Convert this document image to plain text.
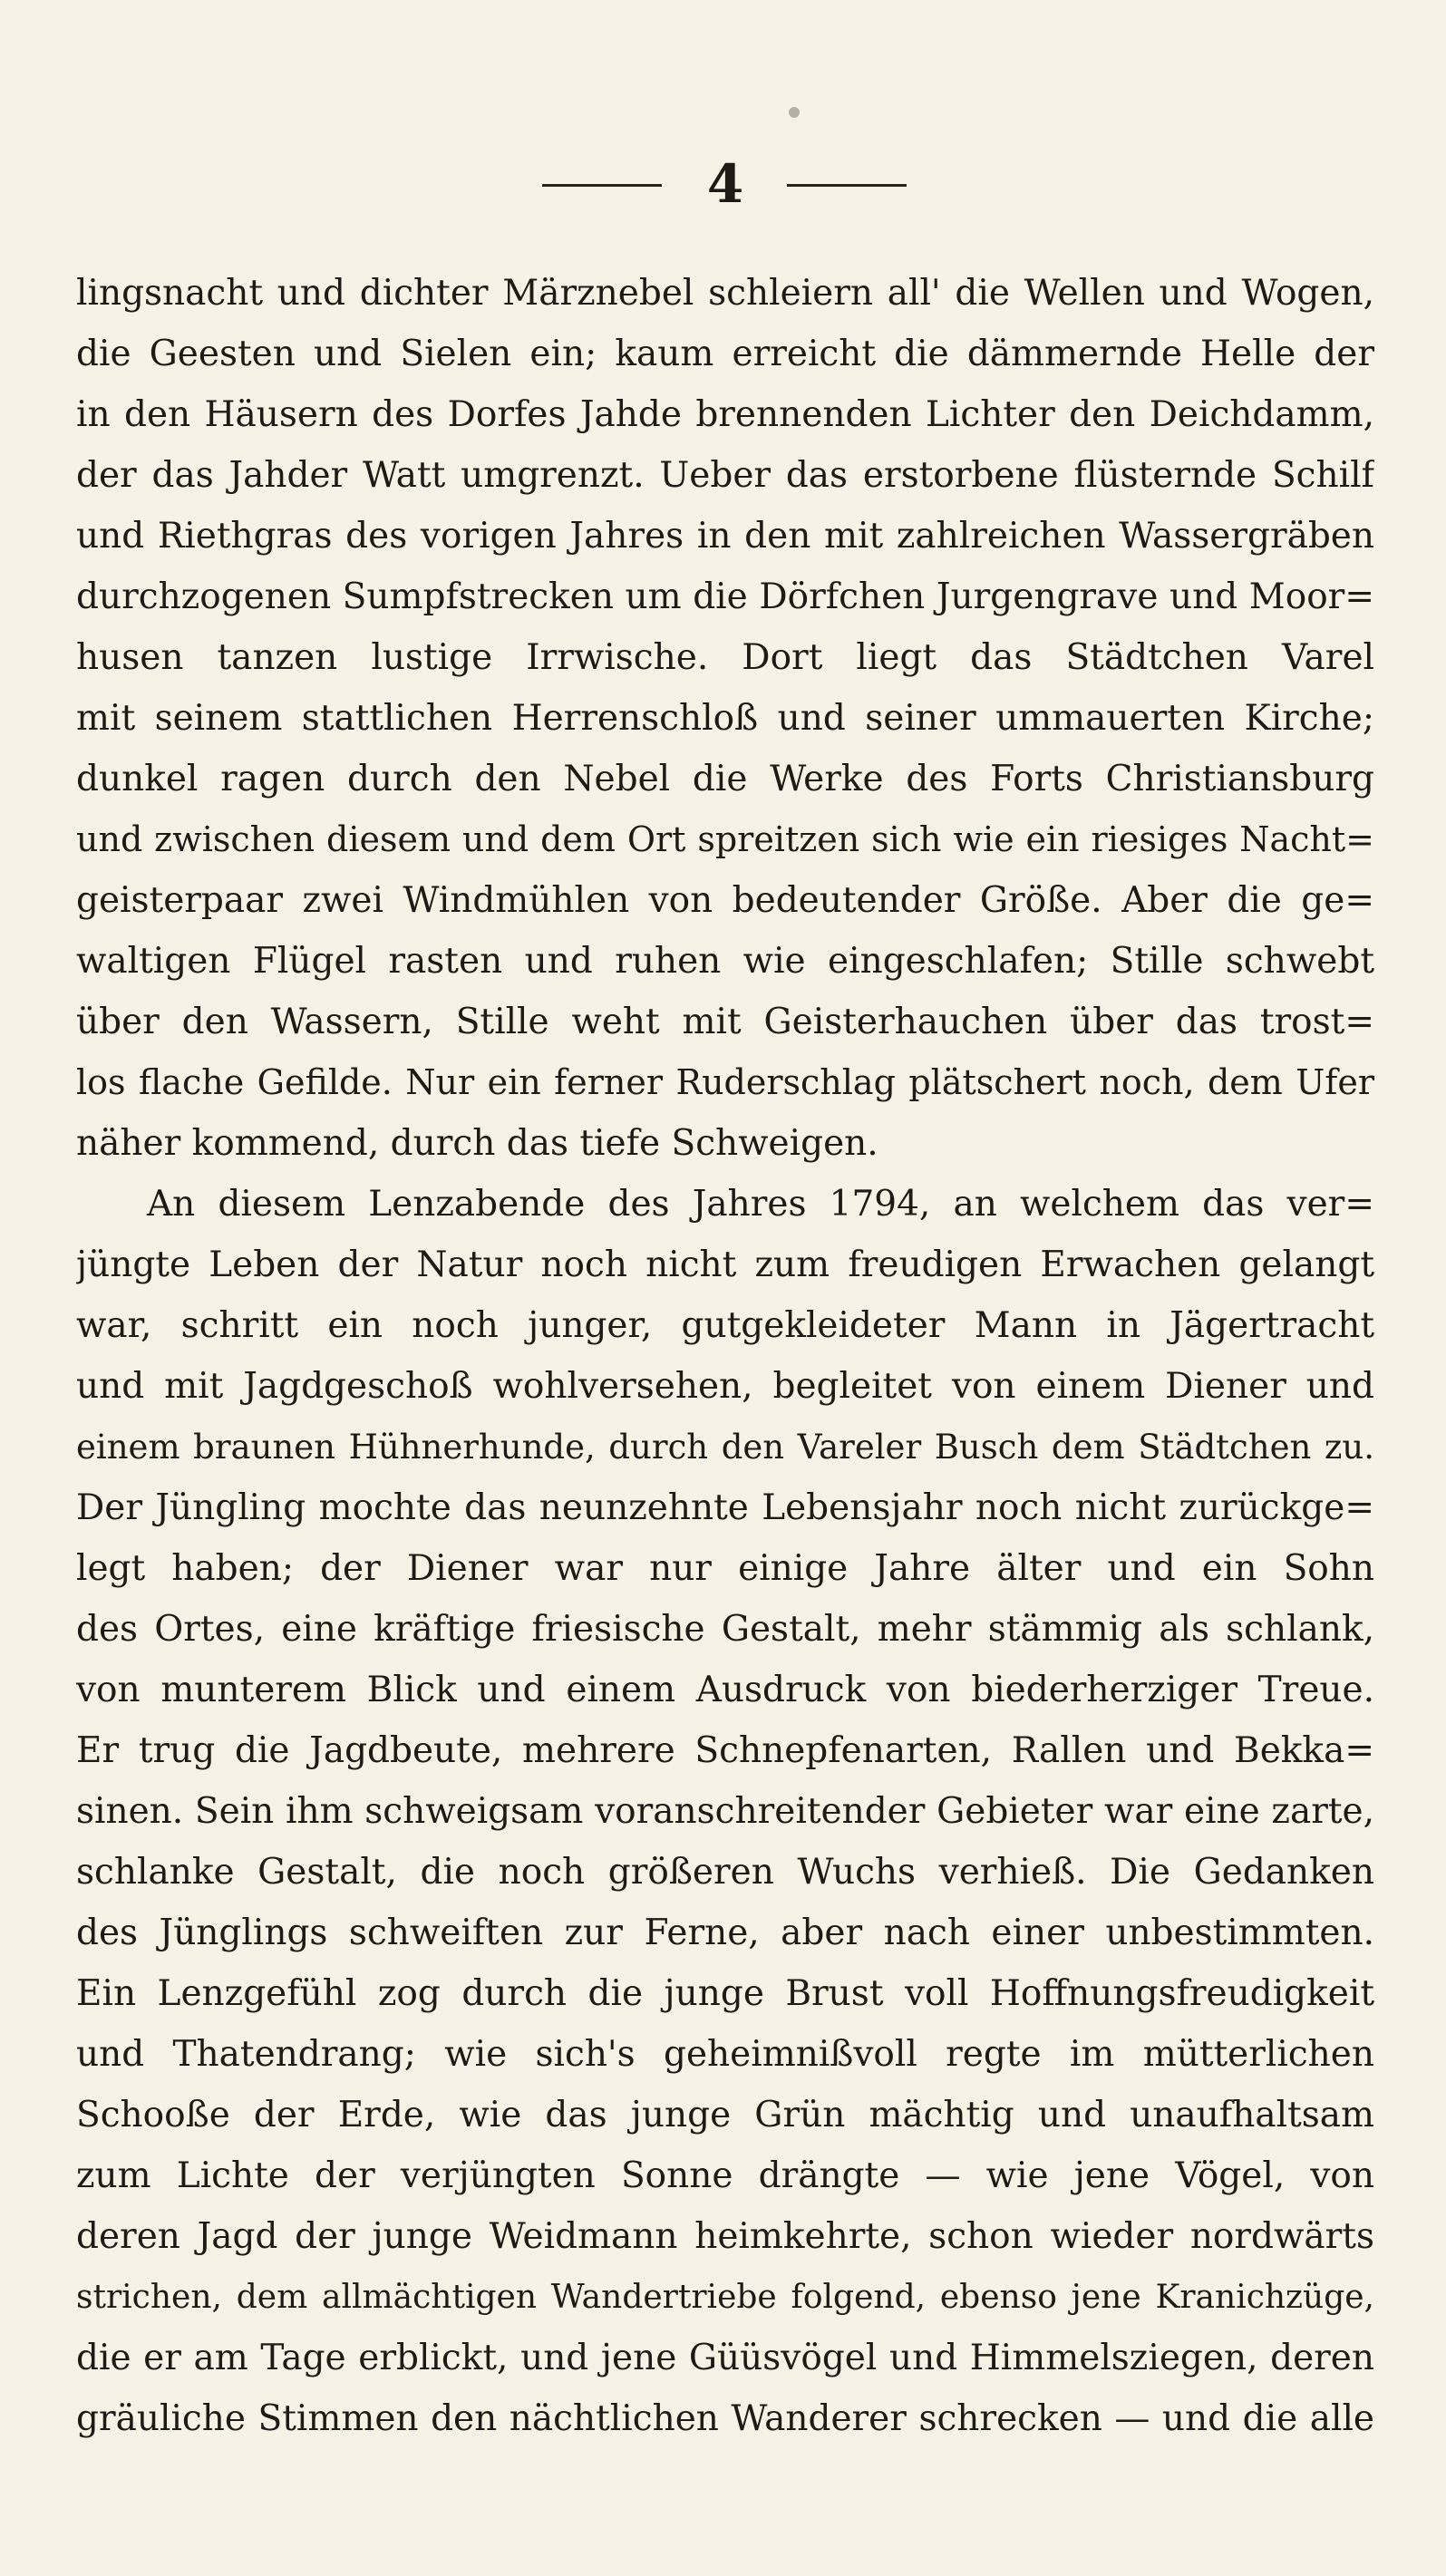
4
lingsnacht und dichter Märznebel schleiern all' die Wellen und Wogen,
die Geesten und Sielen ein; kaum erreicht die dämmernde Helle der
in den Häusern des Dorfes Jahde brennenden Lichter den Deichdamm,
der das Jahder Watt umgrenzt. Ueber das erstorbene flüsternde Schilf
und Riethgras des vorigen Jahres in den mit zahlreichen Wassergräben
durchzogenen Sumpfstrecken um die Dörfchen Jurgengrave und Moor=
husen tanzen lustige Irrwische. Dort liegt das Städtchen Varel
mit seinem stattlichen Herrenschloß und seiner ummauerten Kirche;
dunkel ragen durch den Nebel die Werke des Forts Christiansburg
und zwischen diesem und dem Ort spreitzen sich wie ein riesiges Nacht=
geisterpaar zwei Windmühlen von bedeutender Größe. Aber die ge=
waltigen Flügel rasten und ruhen wie eingeschlafen; Stille schwebt
über den Wassern, Stille weht mit Geisterhauchen über das trost=
los flache Gefilde. Nur ein ferner Ruderschlag plätschert noch, dem Ufer
näher kommend, durch das tiefe Schweigen.
An diesem Lenzabende des Jahres 1794, an welchem das ver=
jüngte Leben der Natur noch nicht zum freudigen Erwachen gelangt
war, schritt ein noch junger, gutgekleideter Mann in Jägertracht
und mit Jagdgeschoß wohlversehen, begleitet von einem Diener und
einem braunen Hühnerhunde, durch den Vareler Busch dem Städtchen zu.
Der Jüngling mochte das neunzehnte Lebensjahr noch nicht zurückge=
legt haben; der Diener war nur einige Jahre älter und ein Sohn
des Ortes, eine kräftige friesische Gestalt, mehr stämmig als schlank,
von munterem Blick und einem Ausdruck von biederherziger Treue.
Er trug die Jagdbeute, mehrere Schnepfenarten, Rallen und Bekka=
sinen. Sein ihm schweigsam voranschreitender Gebieter war eine zarte,
schlanke Gestalt, die noch größeren Wuchs verhieß. Die Gedanken
des Jünglings schweiften zur Ferne, aber nach einer unbestimmten.
Ein Lenzgefühl zog durch die junge Brust voll Hoffnungsfreudigkeit
und Thatendrang; wie sich's geheimnißvoll regte im mütterlichen
Schooße der Erde, wie das junge Grün mächtig und unaufhaltsam
zum Lichte der verjüngten Sonne drängte — wie jene Vögel, von
deren Jagd der junge Weidmann heimkehrte, schon wieder nordwärts
strichen, dem allmächtigen Wandertriebe folgend, ebenso jene Kranichzüge,
die er am Tage erblickt, und jene Güüsvögel und Himmelsziegen, deren
gräuliche Stimmen den nächtlichen Wanderer schrecken — und die alle
